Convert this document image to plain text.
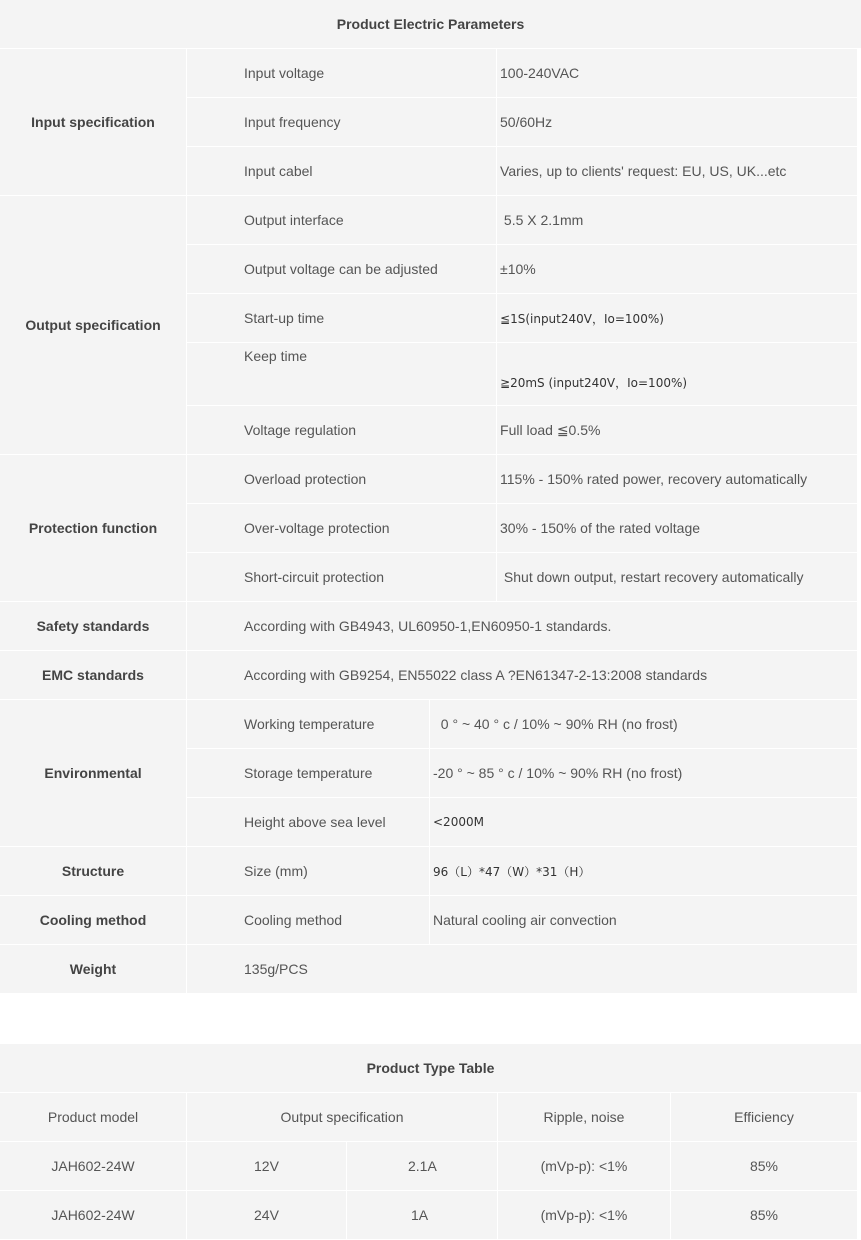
Product Electric Parameters
Input specification	Input voltage		100-240VAC
	Input frequency		50/60Hz
	Input cabel		Varies, up to clients' request: EU, US, UK...etc
Output specification	Output interface		5.5 X 2.1mm
	Output voltage can be adjusted		±10%
	Start-up time		≦1S(input240V，Io=100%)
	Keep time		≧20mS (input240V，Io=100%)
	Voltage regulation		Full load ≦0.5%
Protection function	Overload protection		115% - 150% rated power, recovery automatically
	Over-voltage protection		30% - 150% of the rated voltage
	Short-circuit protection		Shut down output, restart recovery automatically
Safety standards	According with GB4943, UL60950-1,EN60950-1 standards.		
EMC standards	According with GB9254, EN55022 class A ?EN61347-2-13:2008 standards		
Environmental	Working temperature	0 ° ~ 40 ° c / 10% ~ 90% RH (no frost)	
	Storage temperature	-20 ° ~ 85 ° c / 10% ~ 90% RH (no frost)	
	Height above sea level	<2000M	
Structure	Size (mm)	96（L）*47（W）*31（H）	
Cooling method	Cooling method	Natural cooling air convection	
Weight	135g/PCS		
Product Type Table
Product model	Output specification		Ripple, noise	Efficiency
JAH602-24W	12V	2.1A	(mVp-p): <1%	85%
JAH602-24W	24V	1A	(mVp-p): <1%	85%
